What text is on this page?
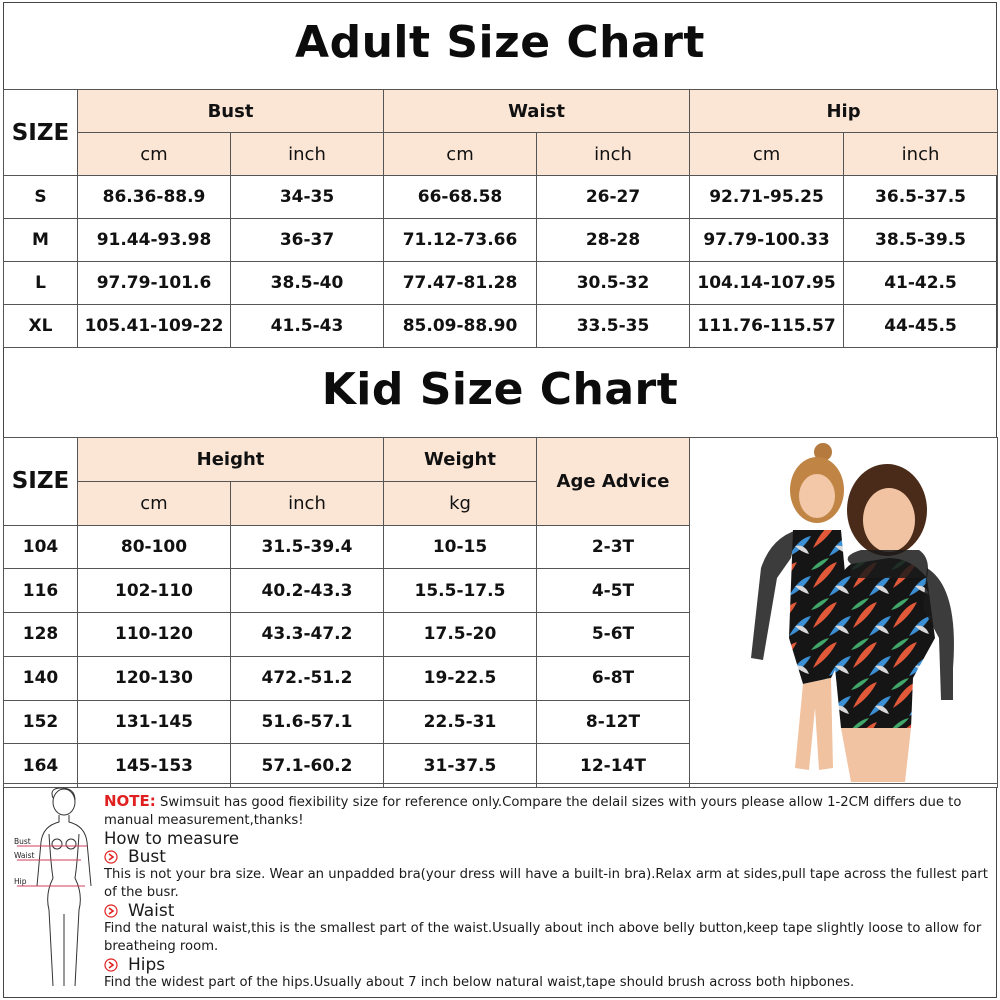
Adult Size Chart
SIZE	Bust		Waist		Hip	
	cm	inch	cm	inch	cm	inch
S	86.36-88.9	34-35	66-68.58	26-27	92.71-95.25	36.5-37.5
M	91.44-93.98	36-37	71.12-73.66	28-28	97.79-100.33	38.5-39.5
L	97.79-101.6	38.5-40	77.47-81.28	30.5-32	104.14-107.95	41-42.5
XL	105.41-109-22	41.5-43	85.09-88.90	33.5-35	111.76-115.57	44-45.5
Kid Size Chart
SIZE	Height		Weight	Age Advice	
	cm	inch	kg		
104	80-100	31.5-39.4	10-15	2-3T	
116	102-110	40.2-43.3	15.5-17.5	4-5T	
128	110-120	43.3-47.2	17.5-20	5-6T	
140	120-130	472.-51.2	19-22.5	6-8T	
152	131-145	51.6-57.1	22.5-31	8-12T	
164	145-153	57.1-60.2	31-37.5	12-14T	
Bust
Waist
Hip
NOTE: Swimsuit has good fiexibility size for reference only.Compare the delail sizes with yours please allow 1-2CM differs due to manual measurement,thanks!
How to measure
Bust
This is not your bra size. Wear an unpadded bra(your dress will have a built-in bra).Relax arm at sides,pull tape across the fullest part of the busr.
Waist
Find the natural waist,this is the smallest part of the waist.Usually about inch above belly button,keep tape slightly loose to allow for breatheing room.
Hips
Find the widest part of the hips.Usually about 7 inch below natural waist,tape should brush across both hipbones.
